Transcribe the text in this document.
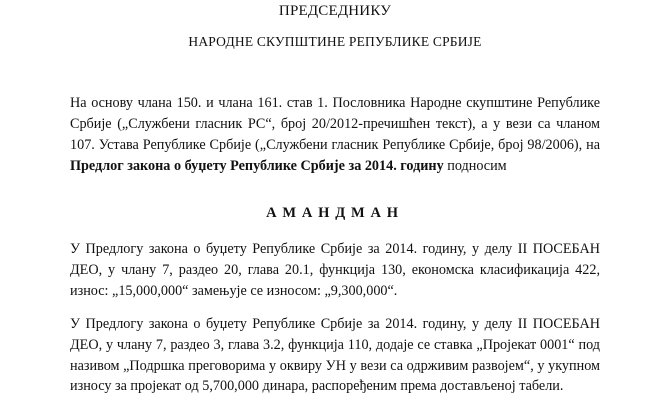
ПРЕДСЕДНИКУ
НАРОДНЕ СКУПШТИНЕ РЕПУБЛИКЕ СРБИЈЕ
На основу члана 150. и члана 161. став 1. Пословника Народне скупштине Републике
Србије („Службени гласник РС“, број 20/2012-пречишћен текст), а у вези са чланом
107. Устава Републике Србије („Службени гласник Републике Србије, број 98/2006), на
Предлог закона о буџету Републике Србије за 2014. годину подносим
АМАНДМАН
У Предлогу закона о буџету Републике Србије за 2014. годину, у делу II ПОСЕБАН
ДЕО, у члану 7, раздео 20, глава 20.1, функција 130, економска класификација 422,
износ: „15,000,000“ замењује се износом: „9,300,000“.
У Предлогу закона о буџету Републике Србије за 2014. годину, у делу II ПОСЕБАН
ДЕО, у члану 7, раздео 3, глава 3.2, функција 110, додаје се ставка „Пројекат 0001“ под
називом „Подршка преговорима у оквиру УН у вези са одрживим развојем“, у укупном
износу за пројекат од 5,700,000 динара, распоређеним према достављеној табели.
